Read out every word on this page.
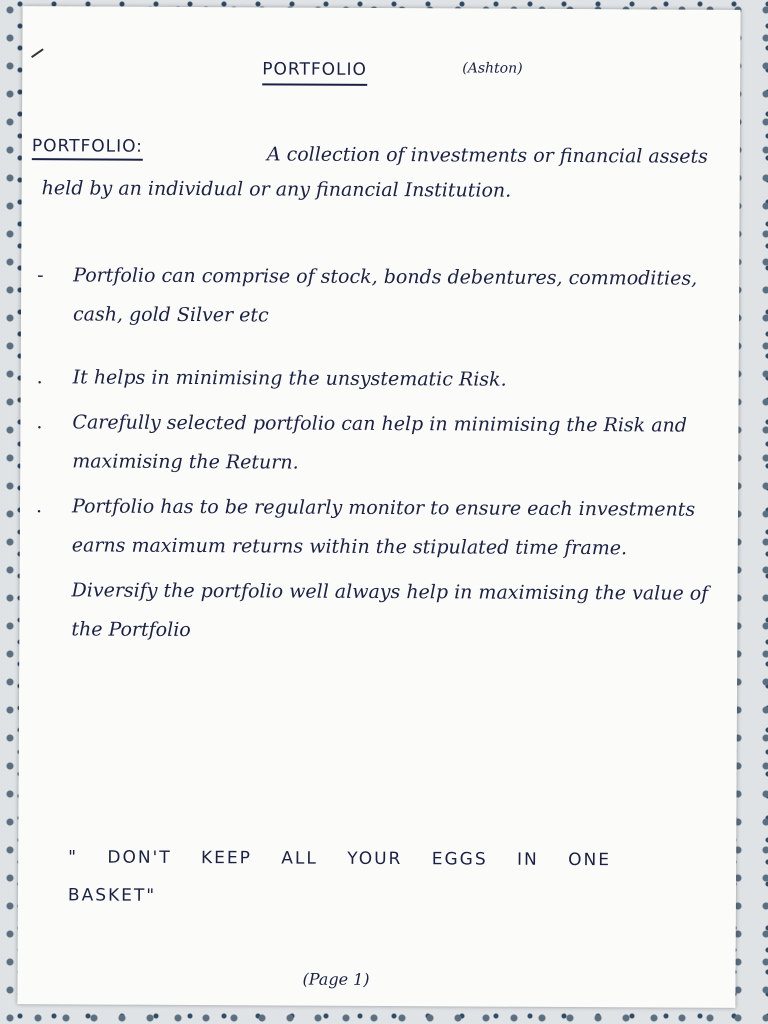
PORTFOLIO	(Ashton)
PORTFOLIO:	A collection of investments or financial assets held by an individual or any financial Institution.
- Portfolio can comprise of stock, bonds debentures, commodities, cash, gold Silver etc
. It helps in minimising the unsystematic Risk.
. Carefully selected portfolio can help in minimising the Risk and maximising the Return.
. Portfolio has to be regularly monitor to ensure each investments earns maximum returns within the stipulated time frame.
Diversify the portfolio well always help in maximising the value of the Portfolio
" DON'T KEEP ALL YOUR EGGS IN ONE BASKET"
(Page 1)
